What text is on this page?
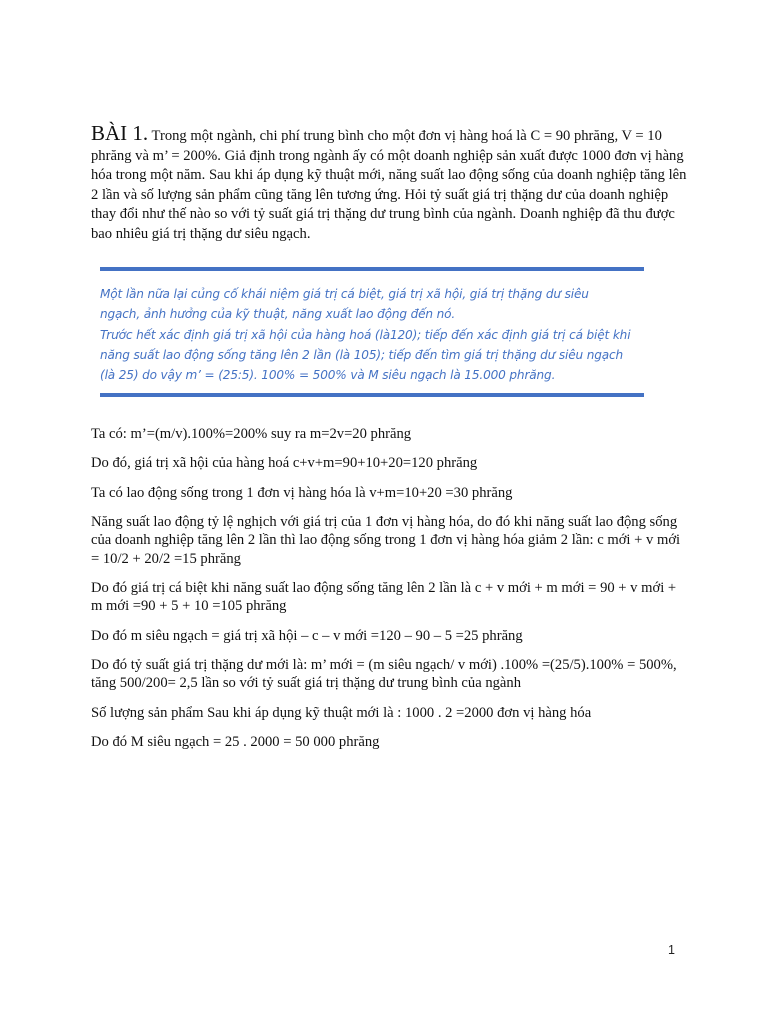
BÀI 1. Trong một ngành, chi phí trung bình cho một đơn vị hàng hoá là C = 90 phrăng, V = 10 phrăng và m’ = 200%. Giả định trong ngành ấy có một doanh nghiệp sản xuất được 1000 đơn vị hàng hóa trong một năm. Sau khi áp dụng kỹ thuật mới, năng suất lao động sống của doanh nghiệp tăng lên 2 lần và số lượng sản phẩm cũng tăng lên tương ứng. Hỏi tỷ suất giá trị thặng dư của doanh nghiệp thay đổi như thế nào so với tỷ suất giá trị thặng dư trung bình của ngành. Doanh nghiệp đã thu được bao nhiêu giá trị thặng dư siêu ngạch.

Một lần nữa lại củng cố khái niệm giá trị cá biệt, giá trị xã hội, giá trị thặng dư siêu
ngạch, ảnh hưởng của kỹ thuật, năng xuất lao động đến nó.
Trước hết xác định giá trị xã hội của hàng hoá (là120); tiếp đến xác định giá trị cá biệt khi
năng suất lao động sống tăng lên 2 lần (là 105); tiếp đến tìm giá trị thặng dư siêu ngạch
(là 25) do vậy m’ = (25:5). 100% = 500% và M siêu ngạch là 15.000 phrăng.

Ta có: m’=(m/v).100%=200% suy ra m=2v=20 phrăng

Do đó, giá trị xã hội của hàng hoá c+v+m=90+10+20=120 phrăng

Ta có lao động sống trong 1 đơn vị hàng hóa là v+m=10+20 =30 phrăng

Năng suất lao động tỷ lệ nghịch với giá trị của 1 đơn vị hàng hóa, do đó khi năng suất lao động sống của doanh nghiệp tăng lên 2 lần thì lao động sống trong 1 đơn vị hàng hóa giảm 2 lần: c mới + v mới = 10/2 + 20/2 =15 phrăng

Do đó giá trị cá biệt khi năng suất lao động sống tăng lên 2 lần là c + v mới + m mới = 90 + v mới + m mới =90 + 5 + 10 =105 phrăng

Do đó m siêu ngạch = giá trị xã hội – c – v mới =120 – 90 – 5 =25 phrăng

Do đó tỷ suất giá trị thặng dư mới là: m’ mới = (m siêu ngạch/ v mới) .100% =(25/5).100% = 500%, tăng 500/200= 2,5 lần so với tỷ suất giá trị thặng dư trung bình của ngành

Số lượng sản phẩm Sau khi áp dụng kỹ thuật mới là : 1000 . 2 =2000 đơn vị hàng hóa

Do đó M siêu ngạch = 25 . 2000 = 50 000 phrăng

1
